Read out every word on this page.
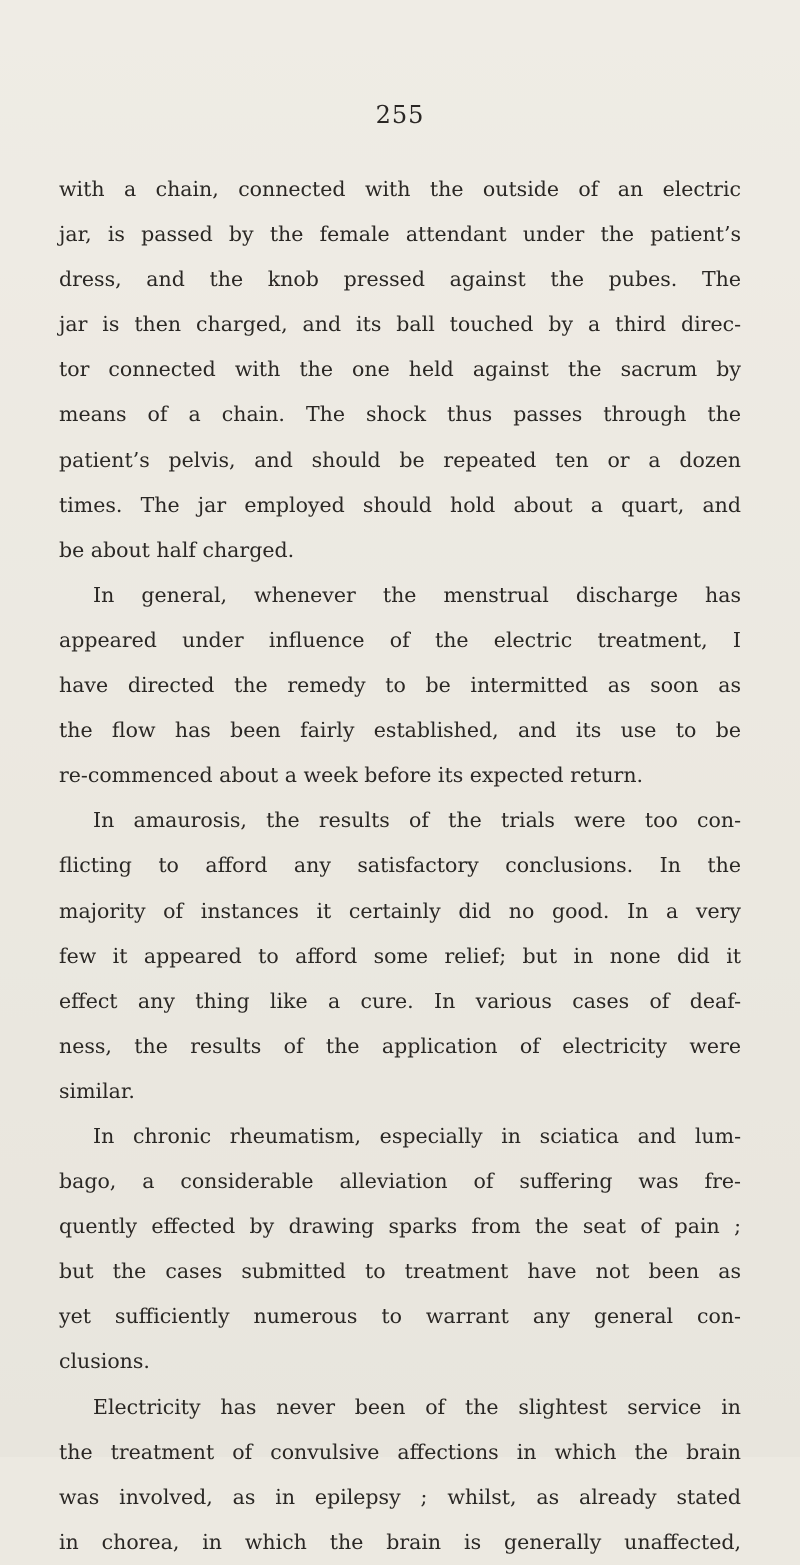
255
with a chain, connected with the outside of an electric
jar, is passed by the female attendant under the patient’s
dress, and the knob pressed against the pubes. The
jar is then charged, and its ball touched by a third direc-
tor connected with the one held against the sacrum by
means of a chain. The shock thus passes through the
patient’s pelvis, and should be repeated ten or a dozen
times. The jar employed should hold about a quart, and
be about half charged.
In general, whenever the menstrual discharge has
appeared under influence of the electric treatment, I
have directed the remedy to be intermitted as soon as
the flow has been fairly established, and its use to be
re-commenced about a week before its expected return.
In amaurosis, the results of the trials were too con-
flicting to afford any satisfactory conclusions. In the
majority of instances it certainly did no good. In a very
few it appeared to afford some relief; but in none did it
effect any thing like a cure. In various cases of deaf-
ness, the results of the application of electricity were
similar.
In chronic rheumatism, especially in sciatica and lum-
bago, a considerable alleviation of suffering was fre-
quently effected by drawing sparks from the seat of pain ;
but the cases submitted to treatment have not been as
yet sufficiently numerous to warrant any general con-
clusions.
Electricity has never been of the slightest service in
the treatment of convulsive affections in which the brain
was involved, as in epilepsy ; whilst, as already stated
in chorea, in which the brain is generally unaffected,
